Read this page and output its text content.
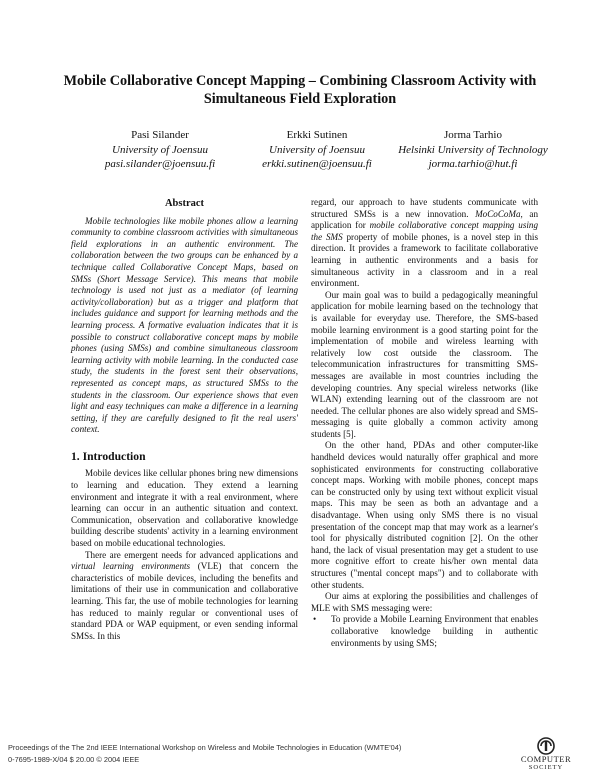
Mobile Collaborative Concept Mapping – Combining Classroom Activity with
Simultaneous Field Exploration
Pasi Silander
University of Joensuu
pasi.silander@joensuu.fi
Erkki Sutinen
University of Joensuu
erkki.sutinen@joensuu.fi
Jorma Tarhio
Helsinki University of Technology
jorma.tarhio@hut.fi
Abstract

Mobile technologies like mobile phones allow a learning community to combine classroom activities with simultaneous field explorations in an authentic environment. The collaboration between the two groups can be enhanced by a technique called Collaborative Concept Maps, based on SMSs (Short Message Service). This means that mobile technology is used not just as a mediator (of learning activity/collaboration) but as a trigger and platform that includes guidance and support for learning methods and the learning process. A formative evaluation indicates that it is possible to construct collaborative concept maps by mobile phones (using SMSs) and combine simultaneous classroom learning activity with mobile learning. In the conducted case study, the students in the forest sent their observations, represented as concept maps, as structured SMSs to the students in the classroom. Our experience shows that even light and easy techniques can make a difference in a learning setting, if they are carefully designed to fit the real users' context.

1. Introduction

Mobile devices like cellular phones bring new dimensions to learning and education. They extend a learning environment and integrate it with a real environment, where learning can occur in an authentic situation and context. Communication, observation and collaborative knowledge building describe students' activity in a learning environment based on mobile educational technologies.

There are emergent needs for advanced applications and virtual learning environments (VLE) that concern the characteristics of mobile devices, including the benefits and limitations of their use in communication and collaborative learning. This far, the use of mobile technologies for learning has reduced to mainly regular or conventional uses of standard PDA or WAP equipment, or even sending informal SMSs. In this

regard, our approach to have students communicate with structured SMSs is a new innovation. MoCoCoMa, an application for mobile collaborative concept mapping using the SMS property of mobile phones, is a novel step in this direction. It provides a framework to facilitate collaborative learning in authentic environments and a basis for simultaneous activity in a classroom and in a real environment.

Our main goal was to build a pedagogically meaningful application for mobile learning based on the technology that is available for everyday use. Therefore, the SMS-based mobile learning environment is a good starting point for the implementation of mobile and wireless learning with relatively low cost outside the classroom. The telecommunication infrastructures for transmitting SMS-messages are available in most countries including the developing countries. Any special wireless networks (like WLAN) extending learning out of the classroom are not needed. The cellular phones are also widely spread and SMS-messaging is quite globally a common activity among students [5].

On the other hand, PDAs and other computer-like handheld devices would naturally offer graphical and more sophisticated environments for constructing collaborative concept maps. Working with mobile phones, concept maps can be constructed only by using text without explicit visual maps. This may be seen as both an advantage and a disadvantage. When using only SMS there is no visual presentation of the concept map that may work as a learner's tool for physically distributed cognition [2]. On the other hand, the lack of visual presentation may get a student to use more cognitive effort to create his/her own mental data structures ("mental concept maps") and to collaborate with other students.

Our aims at exploring the possibilities and challenges of MLE with SMS messaging were:

•	To provide a Mobile Learning Environment that enables collaborative knowledge building in authentic environments by using SMS;
Proceedings of the The 2nd IEEE International Workshop on Wireless and Mobile Technologies in Education (WMTE'04)
0-7695-1989-X/04 $ 20.00 © 2004 IEEE	COMPUTER
SOCIETY
